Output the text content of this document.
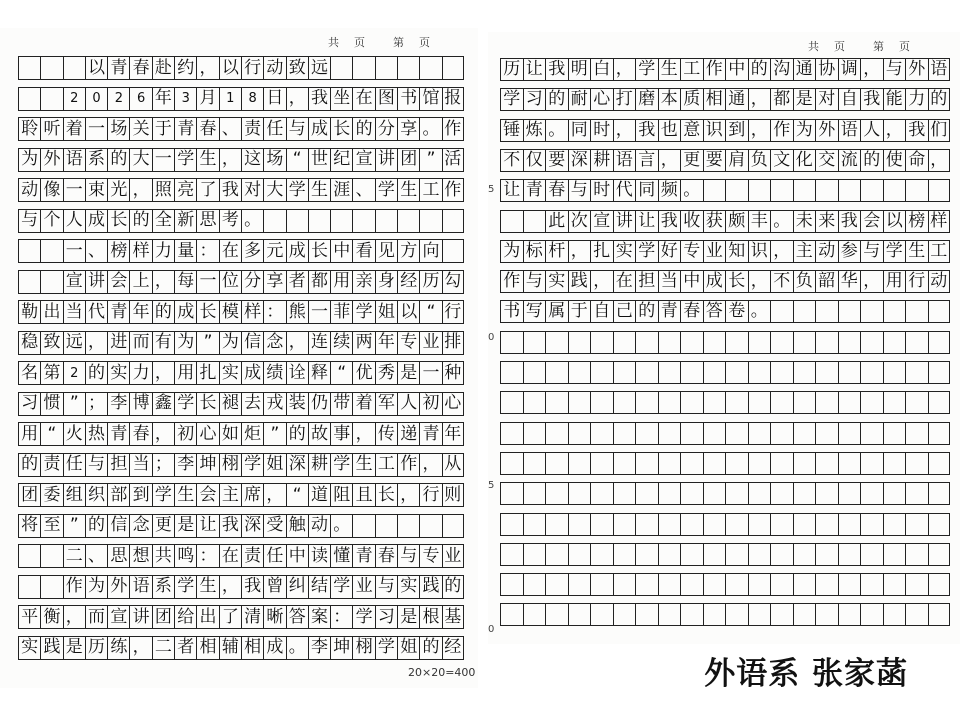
共　页　　第　页
以 青 春 赴 约 ， 以 行 动 致 远
2	0	2	6 年 3 月 1	8 日 ， 我 坐 在 图 书 馆 报
聆 听 着 一 场 关 于 青 春 、 责 任 与 成 长 的 分 享 。 作
为 外 语 系 的 大 一 学 生 ， 这 场 “ 世 纪 宣 讲 团 ” 活
动 像 一 束 光 ， 照 亮 了 我 对 大 学 生 涯 、 学 生 工 作
与 个 人 成 长 的 全 新 思 考 。
一 、 榜 样 力 量 ： 在 多 元 成 长 中 看 见 方 向
宣 讲 会 上 ， 每 一 位 分 享 者 都 用 亲 身 经 历 勾
勒 出 当 代 青 年 的 成 长 模 样 ： 熊 一 菲 学 姐 以 “ 行
稳 致 远 ， 进 而 有 为 ” 为 信 念 ， 连 续 两 年 专 业 排
名 第 2 的 实 力 ， 用 扎 实 成 绩 诠 释 “ 优 秀 是 一 种
习 惯 ” ； 李 博 鑫 学 长 褪 去 戎 装 仍 带 着 军 人 初 心
用 “ 火 热 青 春 ， 初 心 如 炬 ” 的 故 事 ， 传 递 青 年
的 责 任 与 担 当 ； 李 坤 栩 学 姐 深 耕 学 生 工 作 ， 从
团 委 组 织 部 到 学 生 会 主 席 ， “ 道 阻 且 长 ， 行 则
将 至 ” 的 信 念 更 是 让 我 深 受 触 动 。
二 、 思 想 共 鸣 ： 在 责 任 中 读 懂 青 春 与 专 业
作 为 外 语 系 学 生 ， 我 曾 纠 结 学 业 与 实 践 的
平 衡 ， 而 宣 讲 团 给 出 了 清 晰 答 案 ： 学 习 是 根 基
实 践 是 历 练 ， 二 者 相 辅 相 成 。 李 坤 栩 学 姐 的 经
20×20=400
共　页　　第　页
历 让 我 明 白 ， 学 生 工 作 中 的 沟 通 协 调 ， 与 外 语
学 习 的 耐 心 打 磨 本 质 相 通 ， 都 是 对 自 我 能 力 的
锤 炼 。 同 时 ， 我 也 意 识 到 ， 作 为 外 语 人 ， 我 们
不 仅 要 深 耕 语 言 ， 更 要 肩 负 文 化 交 流 的 使 命 ，
让 青 春 与 时 代 同 频 。
此 次 宣 讲 让 我 收 获 颇 丰 。 未 来 我 会 以 榜 样
为 标 杆 ， 扎 实 学 好 专 业 知 识 ， 主 动 参 与 学 生 工
作 与 实 践 ， 在 担 当 中 成 长 ， 不 负 韶 华 ， 用 行 动
书 写 属 于 自 己 的 青 春 答 卷 。
5
0
5
0
外语系 张家菡
